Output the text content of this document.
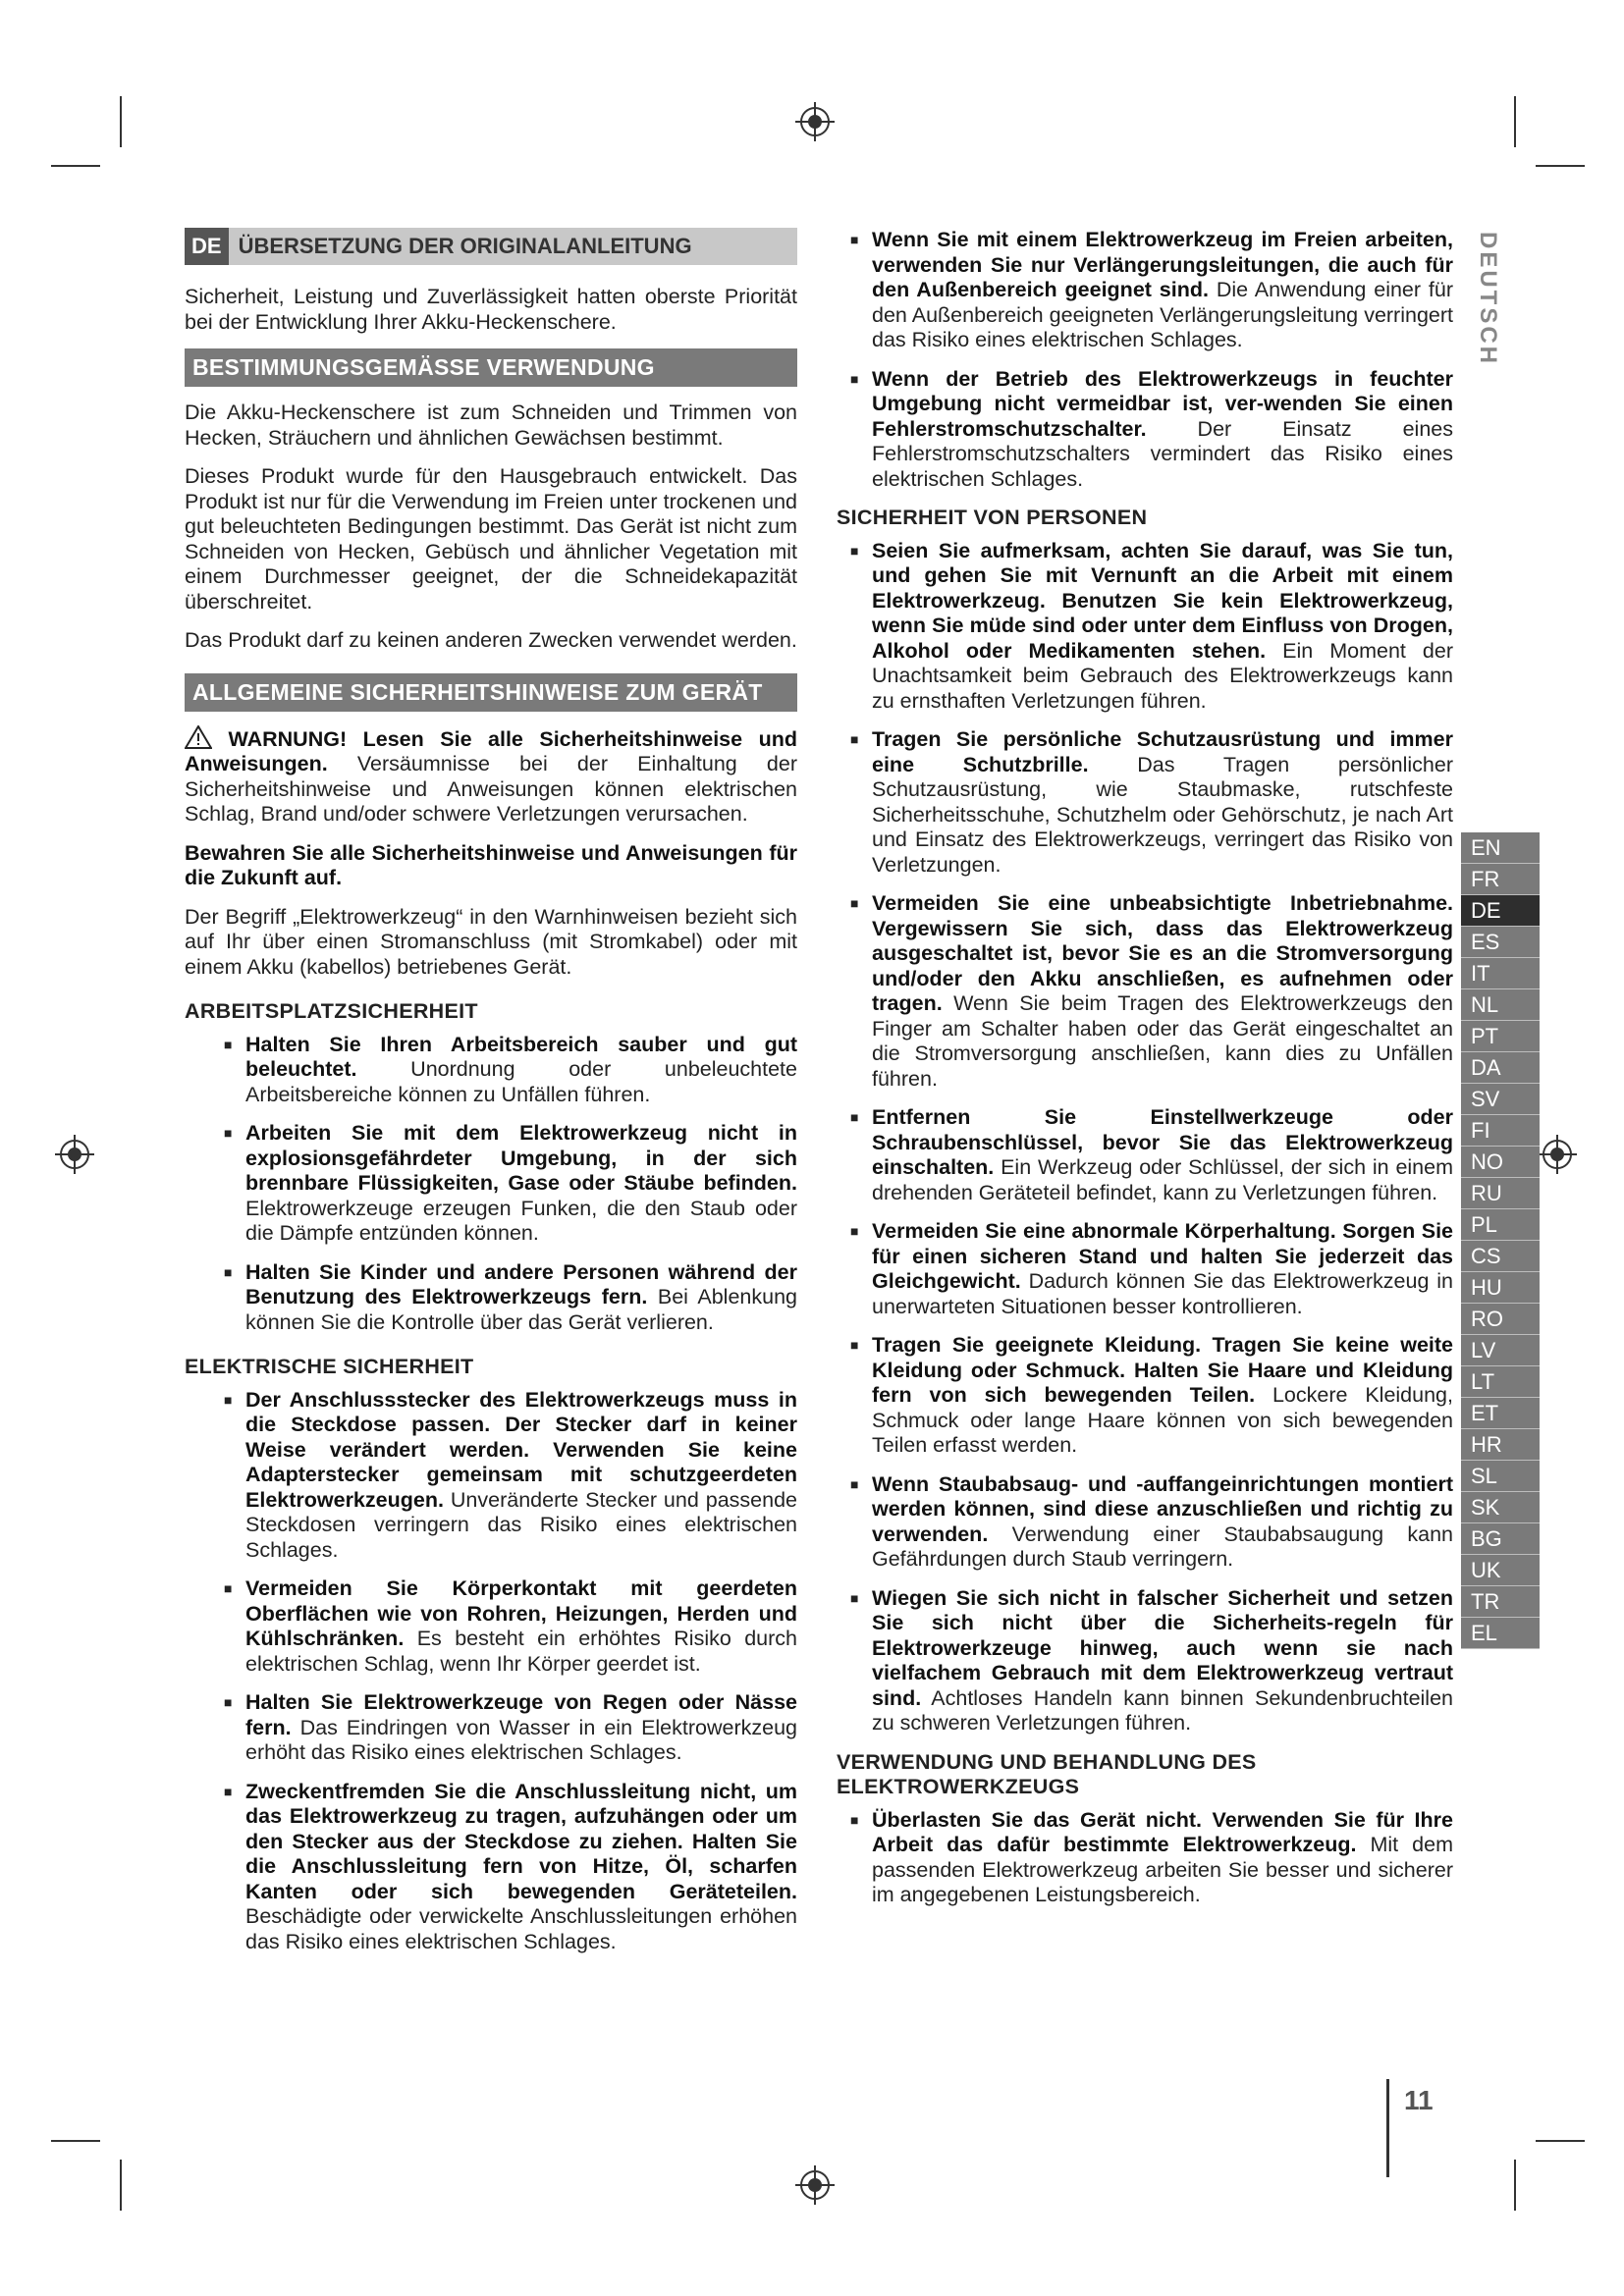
DE ÜBERSETZUNG DER ORIGINALANLEITUNG

Sicherheit, Leistung und Zuverlässigkeit hatten oberste Priorität bei der Entwicklung Ihrer Akku-Heckenschere.

BESTIMMUNGSGEMÄSSE VERWENDUNG

Die Akku-Heckenschere ist zum Schneiden und Trimmen von Hecken, Sträuchern und ähnlichen Gewächsen bestimmt.

Dieses Produkt wurde für den Hausgebrauch entwickelt. Das Produkt ist nur für die Verwendung im Freien unter trockenen und gut beleuchteten Bedingungen bestimmt. Das Gerät ist nicht zum Schneiden von Hecken, Gebüsch und ähnlicher Vegetation mit einem Durchmesser geeignet, der die Schneidekapazität überschreitet.

Das Produkt darf zu keinen anderen Zwecken verwendet werden.

ALLGEMEINE SICHERHEITSHINWEISE ZUM GERÄT

WARNUNG! Lesen Sie alle Sicherheitshinweise und Anweisungen. Versäumnisse bei der Einhaltung der Sicherheitshinweise und Anweisungen können elektrischen Schlag, Brand und/oder schwere Verletzungen verursachen.

Bewahren Sie alle Sicherheitshinweise und Anweisungen für die Zukunft auf.

Der Begriff „Elektrowerkzeug“ in den Warnhinweisen bezieht sich auf Ihr über einen Stromanschluss (mit Stromkabel) oder mit einem Akku (kabellos) betriebenes Gerät.

ARBEITSPLATZSICHERHEIT
■ Halten Sie Ihren Arbeitsbereich sauber und gut beleuchtet. Unordnung oder unbeleuchtete Arbeitsbereiche können zu Unfällen führen.
■ Arbeiten Sie mit dem Elektrowerkzeug nicht in explosionsgefährdeter Umgebung, in der sich brennbare Flüssigkeiten, Gase oder Stäube befinden. Elektrowerkzeuge erzeugen Funken, die den Staub oder die Dämpfe entzünden können.
■ Halten Sie Kinder und andere Personen während der Benutzung des Elektrowerkzeugs fern. Bei Ablenkung können Sie die Kontrolle über das Gerät verlieren.
ELEKTRISCHE SICHERHEIT
■ Der Anschlussstecker des Elektrowerkzeugs muss in die Steckdose passen. Der Stecker darf in keiner Weise verändert werden. Verwenden Sie keine Adapterstecker gemeinsam mit schutzgeerdeten Elektrowerkzeugen. Unveränderte Stecker und passende Steckdosen verringern das Risiko eines elektrischen Schlages.
■ Vermeiden Sie Körperkontakt mit geerdeten Oberflächen wie von Rohren, Heizungen, Herden und Kühlschränken. Es besteht ein erhöhtes Risiko durch elektrischen Schlag, wenn Ihr Körper geerdet ist.
■ Halten Sie Elektrowerkzeuge von Regen oder Nässe fern. Das Eindringen von Wasser in ein Elektrowerkzeug erhöht das Risiko eines elektrischen Schlages.
■ Zweckentfremden Sie die Anschlussleitung nicht, um das Elektrowerkzeug zu tragen, aufzuhängen oder um den Stecker aus der Steckdose zu ziehen. Halten Sie die Anschlussleitung fern von Hitze, Öl, scharfen Kanten oder sich bewegenden Geräteteilen. Beschädigte oder verwickelte Anschlussleitungen erhöhen das Risiko eines elektrischen Schlages.
■ Wenn Sie mit einem Elektrowerkzeug im Freien arbeiten, verwenden Sie nur Verlängerungsleitungen, die auch für den Außenbereich geeignet sind. Die Anwendung einer für den Außenbereich geeigneten Verlängerungsleitung verringert das Risiko eines elektrischen Schlages.
■ Wenn der Betrieb des Elektrowerkzeugs in feuchter Umgebung nicht vermeidbar ist, ver-wenden Sie einen Fehlerstromschutzschalter. Der Einsatz eines Fehlerstromschutzschalters vermindert das Risiko eines elektrischen Schlages.
SICHERHEIT VON PERSONEN
■ Seien Sie aufmerksam, achten Sie darauf, was Sie tun, und gehen Sie mit Vernunft an die Arbeit mit einem Elektrowerkzeug. Benutzen Sie kein Elektrowerkzeug, wenn Sie müde sind oder unter dem Einfluss von Drogen, Alkohol oder Medikamenten stehen. Ein Moment der Unachtsamkeit beim Gebrauch des Elektrowerkzeugs kann zu ernsthaften Verletzungen führen.
■ Tragen Sie persönliche Schutzausrüstung und immer eine Schutzbrille. Das Tragen persönlicher Schutzausrüstung, wie Staubmaske, rutschfeste Sicherheitsschuhe, Schutzhelm oder Gehörschutz, je nach Art und Einsatz des Elektrowerkzeugs, verringert das Risiko von Verletzungen.
■ Vermeiden Sie eine unbeabsichtigte Inbetriebnahme. Vergewissern Sie sich, dass das Elektrowerkzeug ausgeschaltet ist, bevor Sie es an die Stromversorgung und/oder den Akku anschließen, es aufnehmen oder tragen. Wenn Sie beim Tragen des Elektrowerkzeugs den Finger am Schalter haben oder das Gerät eingeschaltet an die Stromversorgung anschließen, kann dies zu Unfällen führen.
■ Entfernen Sie Einstellwerkzeuge oder Schraubenschlüssel, bevor Sie das Elektrowerkzeug einschalten. Ein Werkzeug oder Schlüssel, der sich in einem drehenden Geräteteil befindet, kann zu Verletzungen führen.
■ Vermeiden Sie eine abnormale Körperhaltung. Sorgen Sie für einen sicheren Stand und halten Sie jederzeit das Gleichgewicht. Dadurch können Sie das Elektrowerkzeug in unerwarteten Situationen besser kontrollieren.
■ Tragen Sie geeignete Kleidung. Tragen Sie keine weite Kleidung oder Schmuck. Halten Sie Haare und Kleidung fern von sich bewegenden Teilen. Lockere Kleidung, Schmuck oder lange Haare können von sich bewegenden Teilen erfasst werden.
■ Wenn Staubabsaug- und -auffangeinrichtungen montiert werden können, sind diese anzuschließen und richtig zu verwenden. Verwendung einer Staubabsaugung kann Gefährdungen durch Staub verringern.
■ Wiegen Sie sich nicht in falscher Sicherheit und setzen Sie sich nicht über die Sicherheits-regeln für Elektrowerkzeuge hinweg, auch wenn sie nach vielfachem Gebrauch mit dem Elektrowerkzeug vertraut sind. Achtloses Handeln kann binnen Sekundenbruchteilen zu schweren Verletzungen führen.
VERWENDUNG UND BEHANDLUNG DES ELEKTROWERKZEUGS
■ Überlasten Sie das Gerät nicht. Verwenden Sie für Ihre Arbeit das dafür bestimmte Elektrowerkzeug. Mit dem passenden Elektrowerkzeug arbeiten Sie besser und sicherer im angegebenen Leistungsbereich.
DEUTSCH
EN
FR
DE
ES
IT
NL
PT
DA
SV
FI
NO
RU
PL
CS
HU
RO
LV
LT
ET
HR
SL
SK
BG
UK
TR
EL
11
